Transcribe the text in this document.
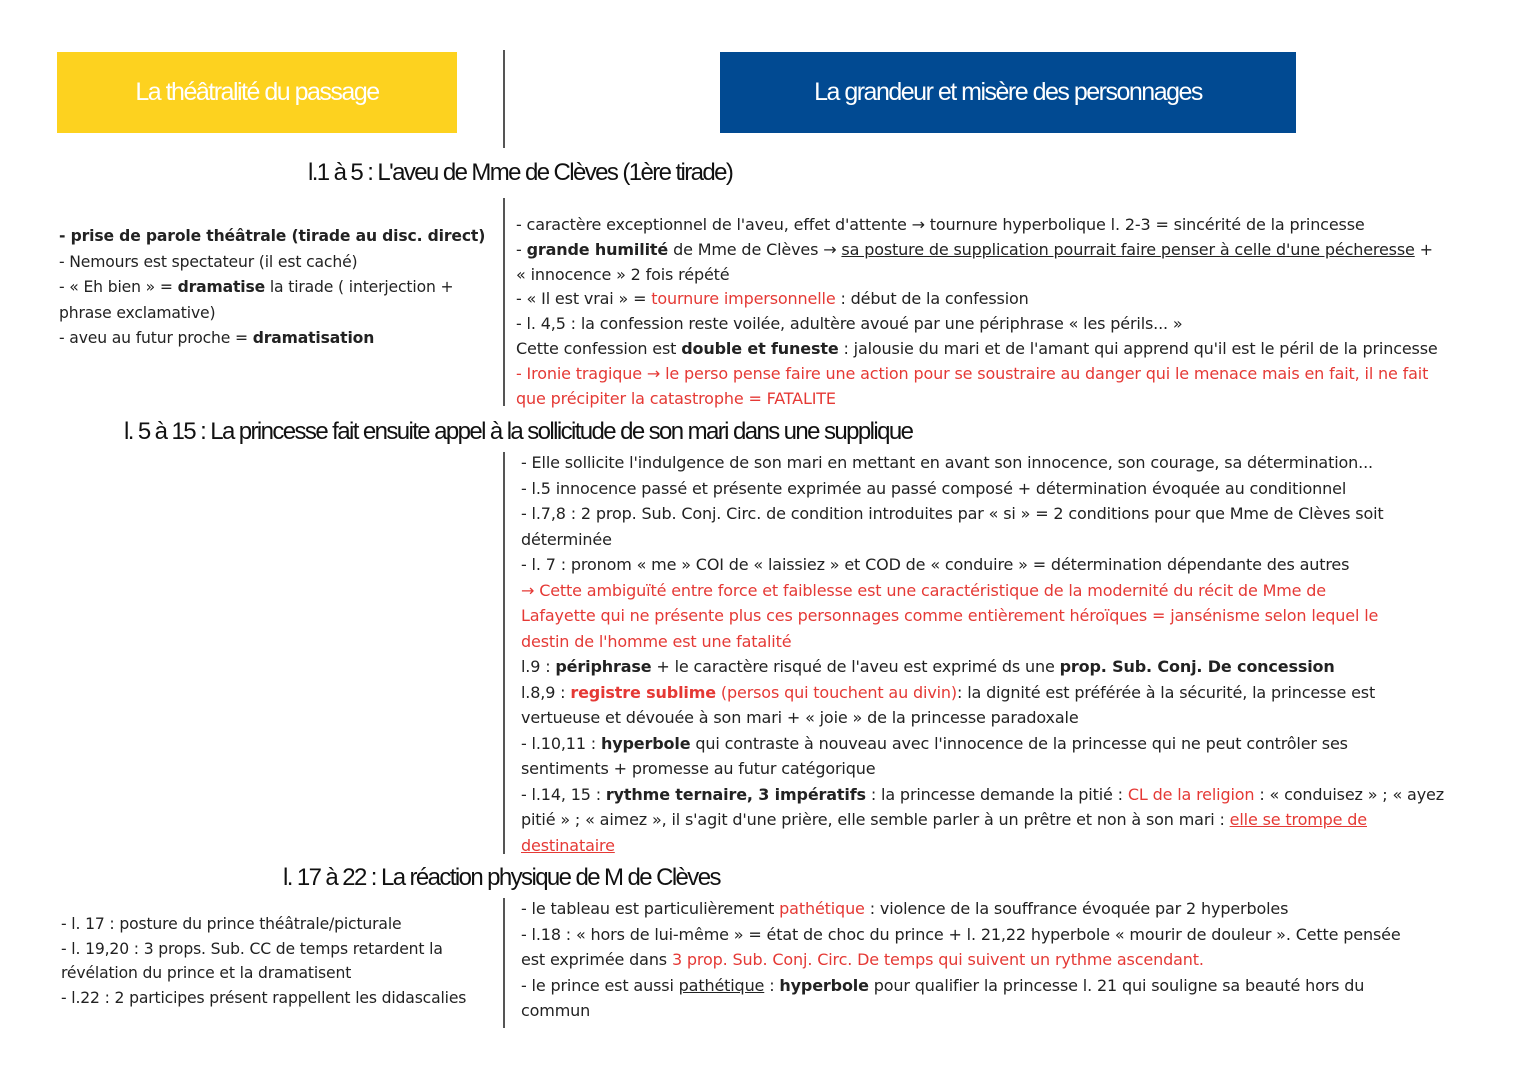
La théâtralité du passage	La grandeur et misère des personnages
l.1 à 5 : L'aveu de Mme de Clèves (1ère tirade)
- prise de parole théâtrale (tirade au disc. direct)
- Nemours est spectateur (il est caché)
- « Eh bien » = dramatise la tirade ( interjection +
phrase exclamative)
- aveu au futur proche = dramatisation
- caractère exceptionnel de l'aveu, effet d'attente → tournure hyperbolique l. 2-3 = sincérité de la princesse
- grande humilité de Mme de Clèves → sa posture de supplication pourrait faire penser à celle d'une pécheresse +
« innocence » 2 fois répété
- « Il est vrai » = tournure impersonnelle : début de la confession
- l. 4,5 : la confession reste voilée, adultère avoué par une périphrase « les périls... »
Cette confession est double et funeste : jalousie du mari et de l'amant qui apprend qu'il est le péril de la princesse
- Ironie tragique → le perso pense faire une action pour se soustraire au danger qui le menace mais en fait, il ne fait
que précipiter la catastrophe = FATALITE
l. 5 à 15 : La princesse fait ensuite appel à la sollicitude de son mari dans une supplique
- Elle sollicite l'indulgence de son mari en mettant en avant son innocence, son courage, sa détermination...
- l.5 innocence passé et présente exprimée au passé composé + détermination évoquée au conditionnel
- l.7,8 : 2 prop. Sub. Conj. Circ. de condition introduites par « si » = 2 conditions pour que Mme de Clèves soit
déterminée
- l. 7 : pronom « me » COI de « laissiez » et COD de « conduire » = détermination dépendante des autres
→ Cette ambiguïté entre force et faiblesse est une caractéristique de la modernité du récit de Mme de
Lafayette qui ne présente plus ces personnages comme entièrement héroïques = jansénisme selon lequel le
destin de l'homme est une fatalité
l.9 : périphrase + le caractère risqué de l'aveu est exprimé ds une prop. Sub. Conj. De concession
l.8,9 : registre sublime (persos qui touchent au divin): la dignité est préférée à la sécurité, la princesse est
vertueuse et dévouée à son mari + « joie » de la princesse paradoxale
- l.10,11 : hyperbole qui contraste à nouveau avec l'innocence de la princesse qui ne peut contrôler ses
sentiments + promesse au futur catégorique
- l.14, 15 : rythme ternaire, 3 impératifs : la princesse demande la pitié : CL de la religion : « conduisez » ; « ayez
pitié » ; « aimez », il s'agit d'une prière, elle semble parler à un prêtre et non à son mari : elle se trompe de
destinataire
l. 17 à 22 : La réaction physique de M de Clèves
- l. 17 : posture du prince théâtrale/picturale
- l. 19,20 : 3 props. Sub. CC de temps retardent la
révélation du prince et la dramatisent
- l.22 : 2 participes présent rappellent les didascalies
- le tableau est particulièrement pathétique : violence de la souffrance évoquée par 2 hyperboles
- l.18 : « hors de lui-même » = état de choc du prince + l. 21,22 hyperbole « mourir de douleur ». Cette pensée
est exprimée dans 3 prop. Sub. Conj. Circ. De temps qui suivent un rythme ascendant.
- le prince est aussi pathétique : hyperbole pour qualifier la princesse l. 21 qui souligne sa beauté hors du
commun
